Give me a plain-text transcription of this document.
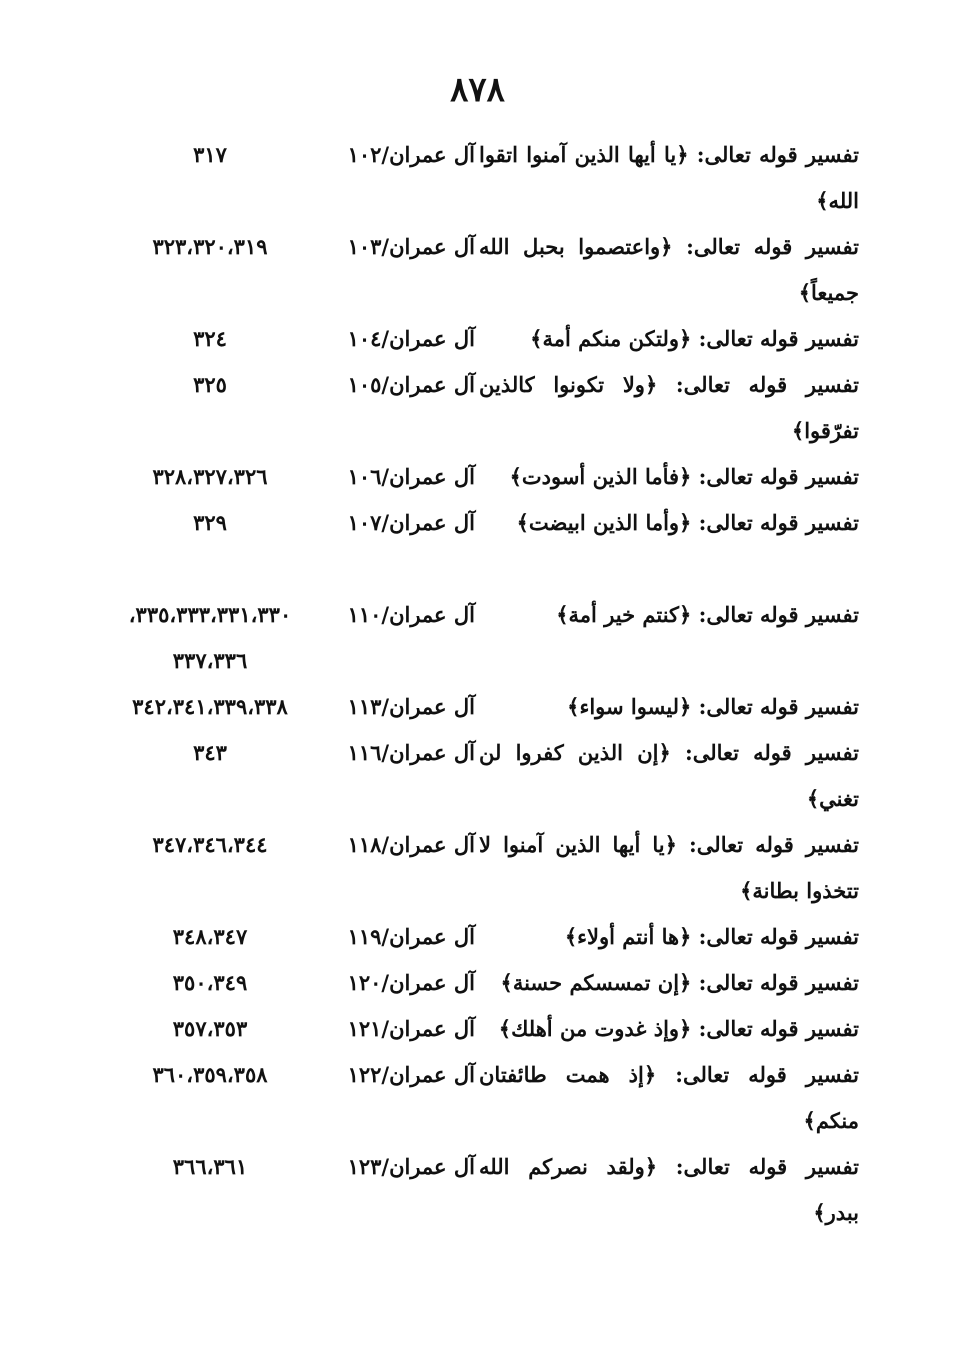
٨٧٨
تفسير قوله تعالى: ﴿يا أيها الذين آمنوا اتقوا
آل عمران/١٠٢
٣١٧
الله﴾
تفسير قوله تعالى: ﴿واعتصموا بحبل الله
آل عمران/١٠٣
٣٢٣،٣٢٠،٣١٩
جميعاً﴾
تفسير قوله تعالى: ﴿ولتكن منكم أمة﴾
آل عمران/١٠٤
٣٢٤
تفسير قوله تعالى: ﴿ولا تكونوا كالذين
آل عمران/١٠٥
٣٢٥
تفرّقوا﴾
تفسير قوله تعالى: ﴿فأما الذين أسودت﴾
آل عمران/١٠٦
٣٢٨،٣٢٧،٣٢٦
تفسير قوله تعالى: ﴿وأما الذين ابيضت﴾
آل عمران/١٠٧
٣٢٩
تفسير قوله تعالى: ﴿كنتم خير أمة﴾
آل عمران/١١٠
٣٣٥،٣٣٣،٣٣١،٣٣٠،
٣٣٧،٣٣٦
تفسير قوله تعالى: ﴿ليسوا سواء﴾
آل عمران/١١٣
٣٤٢،٣٤١،٣٣٩،٣٣٨
تفسير قوله تعالى: ﴿إن الذين كفروا لن
آل عمران/١١٦
٣٤٣
تغني﴾
تفسير قوله تعالى: ﴿يا أيها الذين آمنوا لا
آل عمران/١١٨
٣٤٧،٣٤٦،٣٤٤
تتخذوا بطانة﴾
تفسير قوله تعالى: ﴿ها أنتم أولاء﴾
آل عمران/١١٩
٣٤٨،٣٤٧
تفسير قوله تعالى: ﴿إن تمسسكم حسنة﴾
آل عمران/١٢٠
٣٥٠،٣٤٩
تفسير قوله تعالى: ﴿وإذ غدوت من أهلك﴾
آل عمران/١٢١
٣٥٧،٣٥٣
تفسير قوله تعالى: ﴿إذ همت طائفتان
آل عمران/١٢٢
٣٦٠،٣٥٩،٣٥٨
منكم﴾
تفسير قوله تعالى: ﴿ولقد نصركم الله
آل عمران/١٢٣
٣٦٦،٣٦١
ببدر﴾
